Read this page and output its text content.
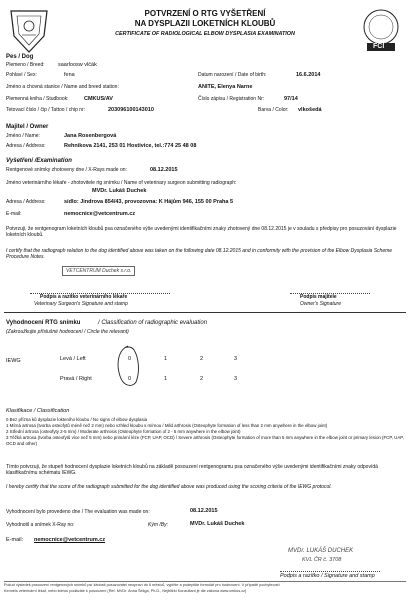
FCI
POTVRZENÍ O RTG VYŠETŘENÍ
NA DYSPLAZII LOKETNÍCH KLOUBŮ
CERTIFICATE OF RADIOLOGICAL ELBOW DYSPLASIA EXAMINATION
Pes / Dog
Plemeno / Breed: saarloosw vlčák
Pohlaví / Sex:	fena	Datum narození / Date of birth:	16.6.2014
Jméno a chovná stanice / Name and breed station:	ANITE, Elenya Narne
Plemenná kniha / Studbook:	CMKUS/AV	Číslo zápisu / Registration Nr:	97/14
Tetovací číslo / čip / Tattoo / chip nr:	203096100143010	Barva / Color: vlkošedá
Majitel / Owner
Jméno / Name:	Jana Rosenbergová
Adresa / Address:	Rehnikova 2141, 253 01 Hostivice, tel.:774 25 48 08
Vyšetření /Examination
Rentgenové snímky zhotoveny dne / X-Rays made on:	08.12.2015
Jméno veterinárního lékaře - zhotovitele rtg snímku / Name of veterinary surgeon submitting radiograph:
MVDr. Lukáš Duchek
Adresa / Address:	sídlo: Jindrova 854/43, provozovna: K Hájům 946, 155 00 Praha 5
E-mail:	nemocnice@vetcentrum.cz
Potvrzuji, že rentgenogram loketních kloubů psa označeného výše uvedenými identifikačními znaky zhotovený dne 08.12.2015 je v souladu s předpisy pro posuzování dysplazie loketních kloubů.
I certify that the radiograph relation to the dog identified above was taken on the following date 08.12.2015 and in conformity with the provision of the Elbow Dysplasia Scheme Procedure Notes.
VETCENTRUM Duchek s.r.o.
Podpis a razítko veterinárního lékaře
Veterinary Surgeon's Signature and stamp
Podpis majitele
Owner's Signature
Vyhodnocení RTG snímku	/ Classification of radiographic evaluation
(Zakroužkujte příslušné hodnocení / Circle the relevant)
IEWG	Levá / Left	0	1	2	3
Pravá / Right	0	1	2	3
Klasifikace / Classification
0 Bez přízna ků dysplazie lokteního kloubu / No signs of elbow dysplasia
1 Mírná artrosa (tvorba osteofytů méně než 2 mm) nebo vzhled kloubu s mírnou / Mild arthrosis (Osteophyte formation of less than 2 mm anywhere in the elbow joint)
2 Střední artrosa (osteofyty 2-5 mm) / Moderate arthrosis (Osteophyte formation of 2 - 5 mm anywhere in the elbow joint)
3 Těžká artrosa (tvorba osteofytů více než 5 mm) nebo primární léze (FCP, UAP, OCD) / Severe arthrosis (Osteophyte formation of more than 5 mm anywhere in the elbow joint or primary lesion (FCP, UAP, OCD and other)
Tímto potvrzuji, že stupeň hodnocení dysplazie loketních kloubů na základě posouzení rentgenogramu psa označeného výše uvedenými identifikačními znaky odpovídá klasifikačnímu schématu IEWG.
I hereby certify that the score of the radiograph submitted for the dog identified above was produced using the scoring criteria of the IEWG protocol.
Vyhodnocení bylo provedeno dne / The evaluation was made on:	08.12.2015
Vyhodnotil a snímek X-Ray no:	Kým /By:	MVDr. Lukáš Duchek
E-mail: nemocnice@vetcentrum.cz
MVDr. LUKÁŠ DUCHEK
KVL ČR č. 3708
Podpis a razítko / Signature and stamp
Pokud výsledek posouzení rentgenových snímků psí žádosti posuzovatel neopraví do 6 měsíců, vyplňte a podepište formulář pro hodnocení. V případě pochybností
Kennels veterinární lékař, nebo kterou podáváte k posouzení (Ref. MVDr. Anna Šeliga, Ph.D., Nejbližší Konzultant je dle zákona www.cmkus.cz)
